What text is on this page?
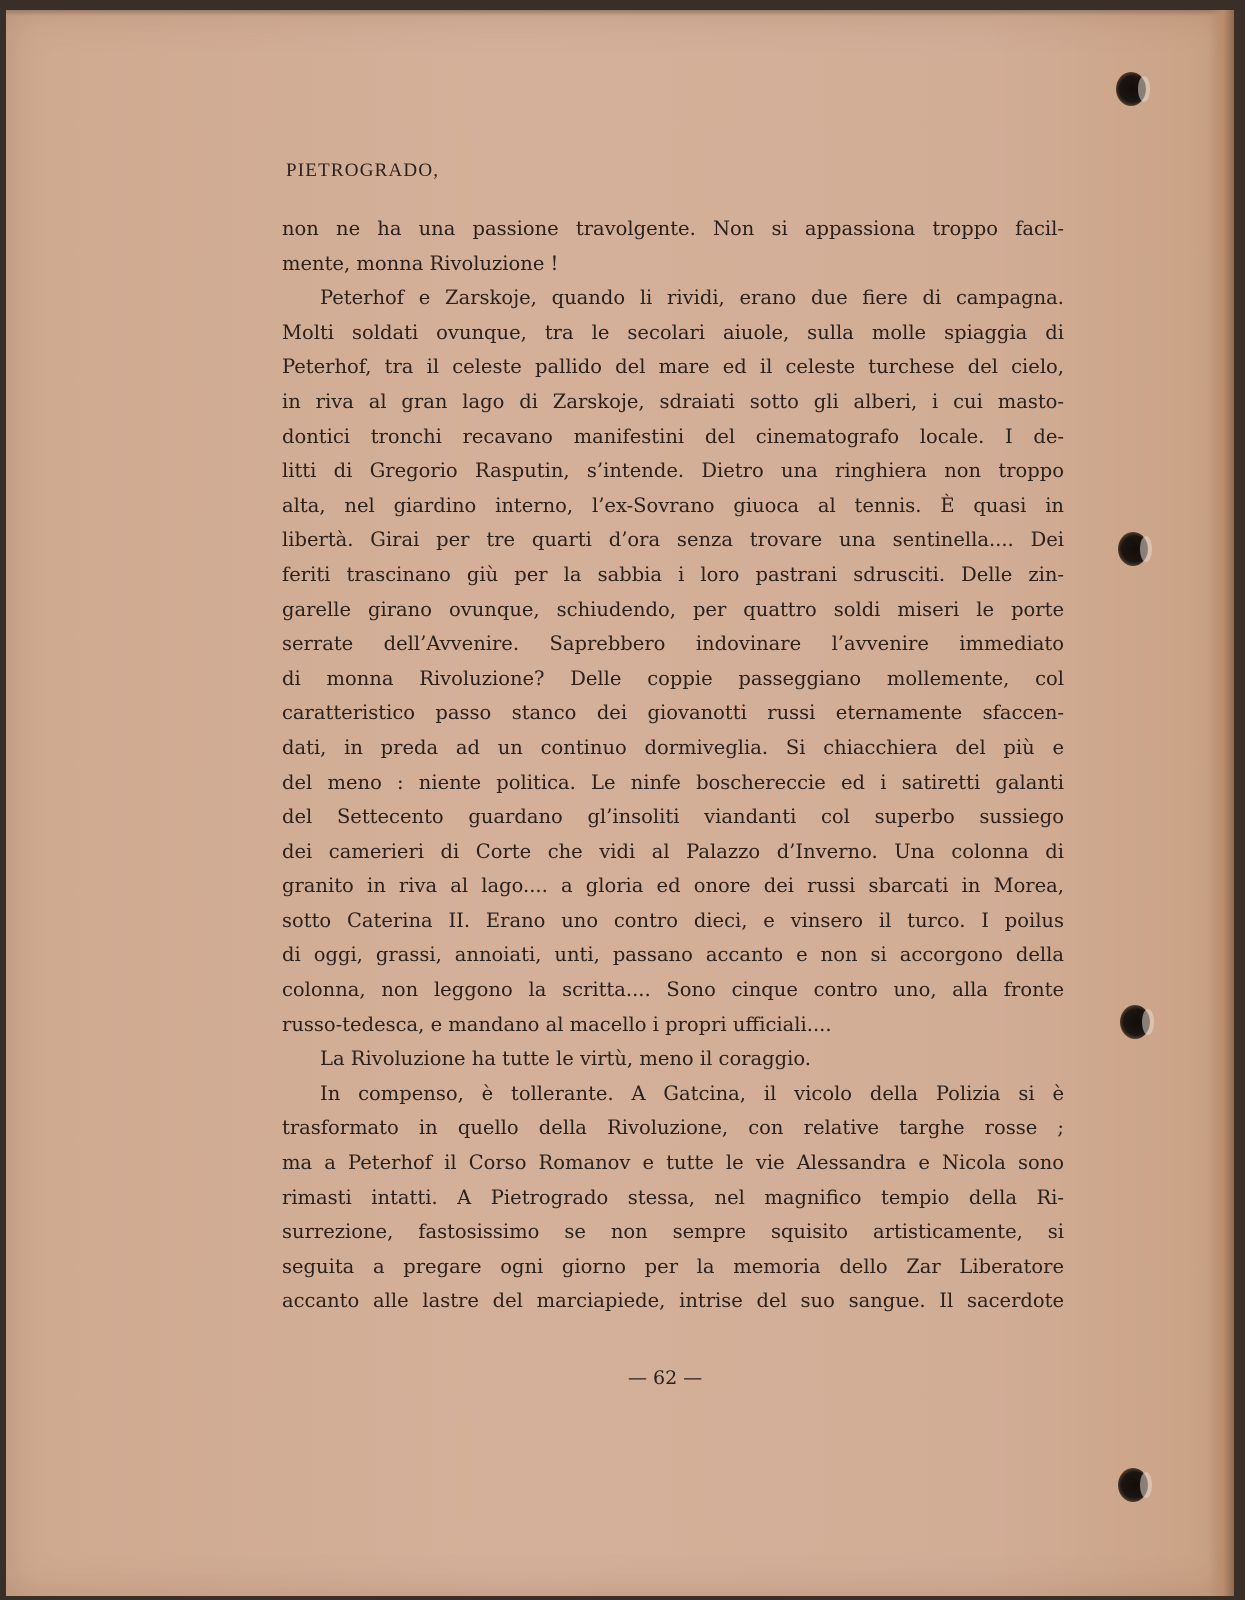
PIETROGRADO,
non ne ha una passione travolgente. Non si appassiona troppo facil-
mente, monna Rivoluzione !
Peterhof e Zarskoje, quando li rividi, erano due fiere di campagna.
Molti soldati ovunque, tra le secolari aiuole, sulla molle spiaggia di
Peterhof, tra il celeste pallido del mare ed il celeste turchese del cielo,
in riva al gran lago di Zarskoje, sdraiati sotto gli alberi, i cui masto-
dontici tronchi recavano manifestini del cinematografo locale. I de-
litti di Gregorio Rasputin, s’intende. Dietro una ringhiera non troppo
alta, nel giardino interno, l’ex-Sovrano giuoca al tennis. È quasi in
libertà. Girai per tre quarti d’ora senza trovare una sentinella.... Dei
feriti trascinano giù per la sabbia i loro pastrani sdrusciti. Delle zin-
garelle girano ovunque, schiudendo, per quattro soldi miseri le porte
serrate dell’Avvenire. Saprebbero indovinare l’avvenire immediato
di monna Rivoluzione? Delle coppie passeggiano mollemente, col
caratteristico passo stanco dei giovanotti russi eternamente sfaccen-
dati, in preda ad un continuo dormiveglia. Si chiacchiera del più e
del meno : niente politica. Le ninfe boschereccie ed i satiretti galanti
del Settecento guardano gl’insoliti viandanti col superbo sussiego
dei camerieri di Corte che vidi al Palazzo d’Inverno. Una colonna di
granito in riva al lago.... a gloria ed onore dei russi sbarcati in Morea,
sotto Caterina II. Erano uno contro dieci, e vinsero il turco. I poilus
di oggi, grassi, annoiati, unti, passano accanto e non si accorgono della
colonna, non leggono la scritta.... Sono cinque contro uno, alla fronte
russo-tedesca, e mandano al macello i propri ufficiali....
La Rivoluzione ha tutte le virtù, meno il coraggio.
In compenso, è tollerante. A Gatcina, il vicolo della Polizia si è
trasformato in quello della Rivoluzione, con relative targhe rosse ;
ma a Peterhof il Corso Romanov e tutte le vie Alessandra e Nicola sono
rimasti intatti. A Pietrogrado stessa, nel magnifico tempio della Ri-
surrezione, fastosissimo se non sempre squisito artisticamente, si
seguita a pregare ogni giorno per la memoria dello Zar Liberatore
accanto alle lastre del marciapiede, intrise del suo sangue. Il sacerdote
— 62 —
